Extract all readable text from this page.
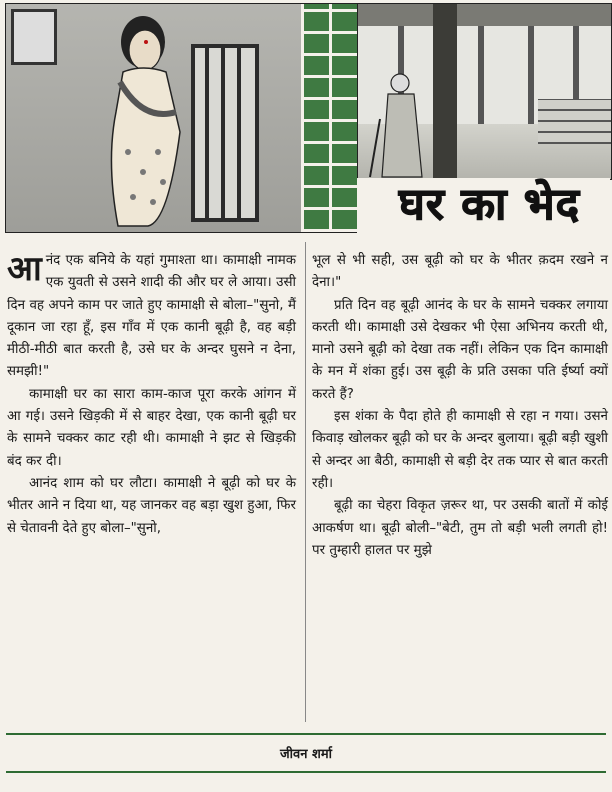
घर का भेद

आनंद एक बनिये के यहां गुमाश्ता था। कामाक्षी नामक एक युवती से उसने शादी की और घर ले आया। उसी दिन वह अपने काम पर जाते हुए कामाक्षी से बोला–"सुनो, मैं दूकान जा रहा हूँ, इस गाँव में एक कानी बूढ़ी है, वह बड़ी मीठी-मीठी बात करती है, उसे घर के अन्दर घुसने न देना, समझी!"

कामाक्षी घर का सारा काम-काज पूरा करके आंगन में आ गई। उसने खिड़की में से बाहर देखा, एक कानी बूढ़ी घर के सामने चक्कर काट रही थी। कामाक्षी ने झट से खिड़की बंद कर दी।

आनंद शाम को घर लौटा। कामाक्षी ने बूढ़ी को घर के भीतर आने न दिया था, यह जानकर वह बड़ा खुश हुआ, फिर से चेतावनी देते हुए बोला–"सुनो,

भूल से भी सही, उस बूढ़ी को घर के भीतर क़दम रखने न देना।"

प्रति दिन वह बूढ़ी आनंद के घर के सामने चक्कर लगाया करती थी। कामाक्षी उसे देखकर भी ऐसा अभिनय करती थी, मानो उसने बूढ़ी को देखा तक नहीं। लेकिन एक दिन कामाक्षी के मन में शंका हुई। उस बूढ़ी के प्रति उसका पति ईर्ष्या क्यों करते हैं?

इस शंका के पैदा होते ही कामाक्षी से रहा न गया। उसने किवाड़ खोलकर बूढ़ी को घर के अन्दर बुलाया। बूढ़ी बड़ी खुशी से अन्दर आ बैठी, कामाक्षी से बड़ी देर तक प्यार से बात करती रही।

बूढ़ी का चेहरा विकृत ज़रूर था, पर उसकी बातों में कोई आकर्षण था। बूढ़ी बोली–"बेटी, तुम तो बड़ी भली लगती हो! पर तुम्हारी हालत पर मुझे

जीवन शर्मा
